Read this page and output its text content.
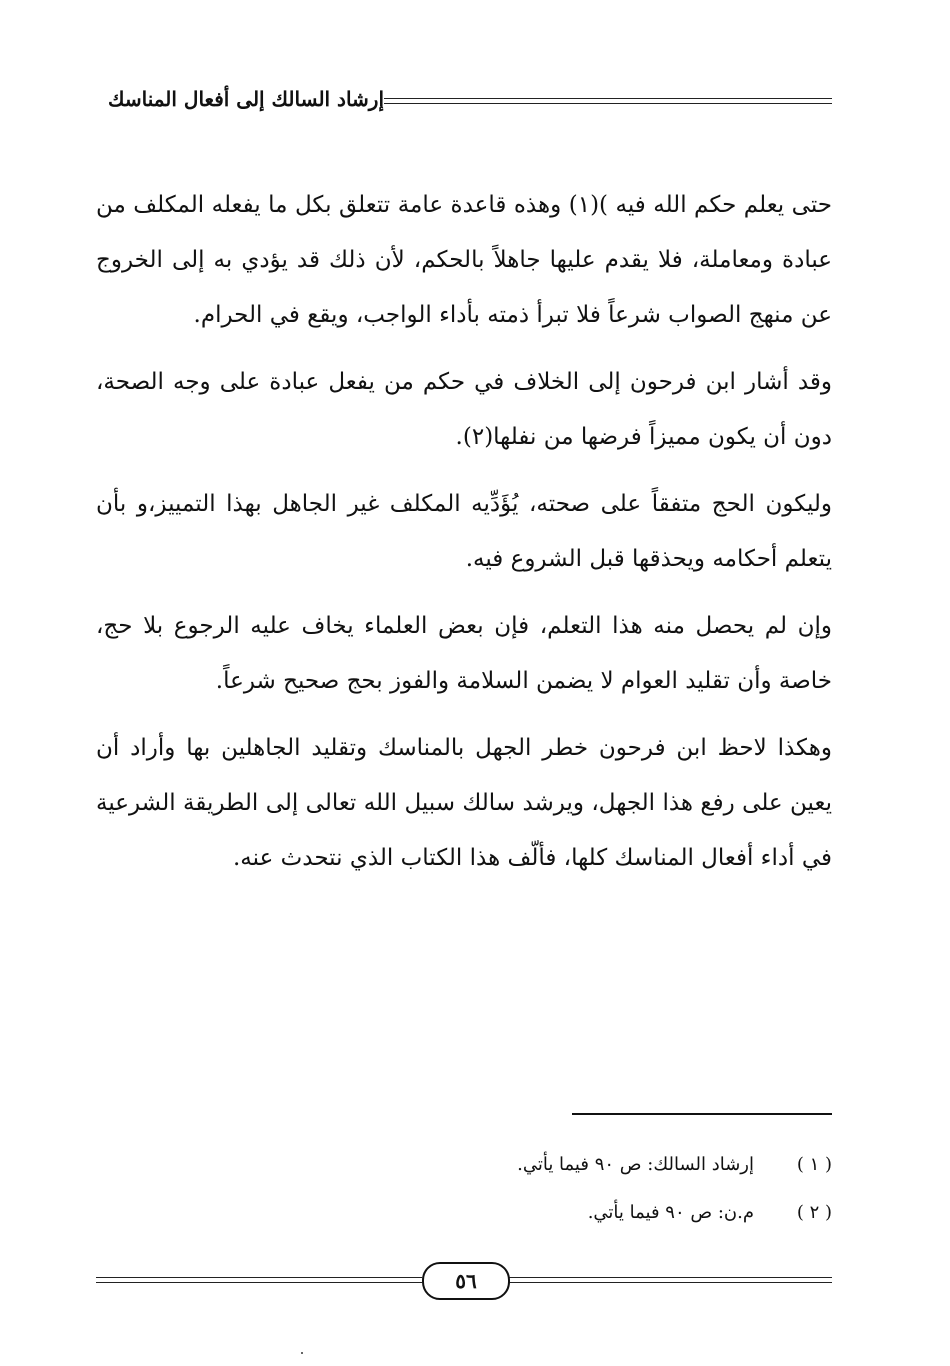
إرشاد السالك إلى أفعال المناسك

حتى يعلم حكم الله فيه )(١) وهذه قاعدة عامة تتعلق بكل ما يفعله المكلف من عبادة ومعاملة، فلا يقدم عليها جاهلاً بالحكم، لأن ذلك قد يؤدي به إلى الخروج عن منهج الصواب شرعاً فلا تبرأ ذمته بأداء الواجب، ويقع في الحرام.

وقد أشار ابن فرحون إلى الخلاف في حكم من يفعل عبادة على وجه الصحة، دون أن يكون مميزاً فرضها من نفلها(٢).

وليكون الحج متفقاً على صحته، يُؤَدِّيه المكلف غير الجاهل بهذا التمييز،و بأن يتعلم أحكامه ويحذقها قبل الشروع فيه.

وإن لم يحصل منه هذا التعلم، فإن بعض العلماء يخاف عليه الرجوع بلا حج، خاصة وأن تقليد العوام لا يضمن السلامة والفوز بحج صحيح شرعاً.

وهكذا لاحظ ابن فرحون خطر الجهل بالمناسك وتقليد الجاهلين بها وأراد أن يعين على رفع هذا الجهل، ويرشد سالك سبيل الله تعالى إلى الطريقة الشرعية في أداء أفعال المناسك كلها، فألّف هذا الكتاب الذي نتحدث عنه.

( ١ )
إرشاد السالك: ص ٩٠ فيما يأتي.
( ٢ )
م.ن: ص ٩٠ فيما يأتي.
٥٦
